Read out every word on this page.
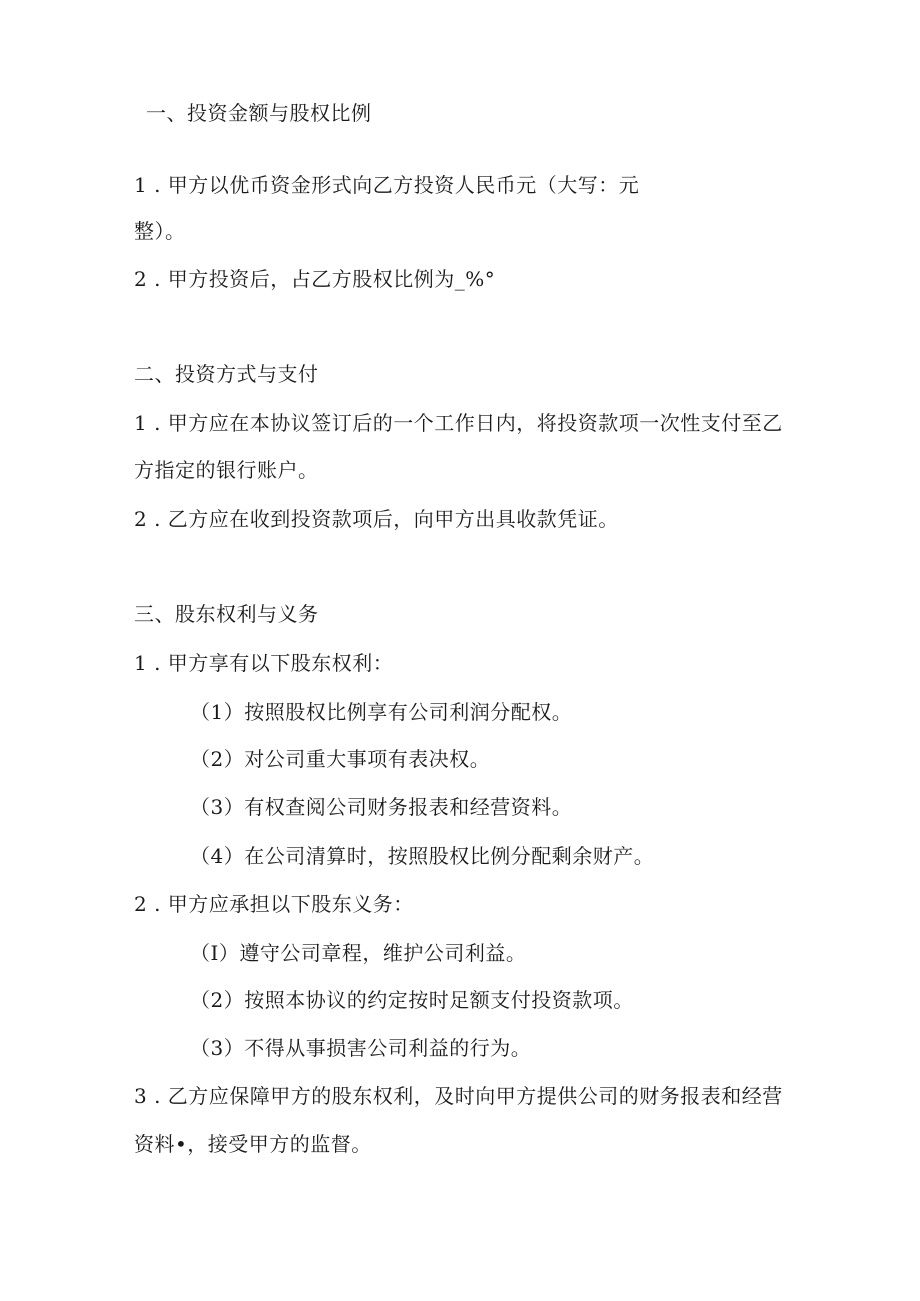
一、投资金额与股权比例
1 . 甲方以优币资金形式向乙方投资人民币元（大写：元
整）。
2 . 甲方投资后，占乙方股权比例为_%°
二、投资方式与支付
1 . 甲方应在本协议签订后的一个工作日内，将投资款项一次性支付至乙
方指定的银行账户。
2 . 乙方应在收到投资款项后，向甲方出具收款凭证。
三、股东权利与义务
1 . 甲方享有以下股东权利：
（1）按照股权比例享有公司利润分配权。
（2）对公司重大事项有表决权。
（3）有权查阅公司财务报表和经营资料。
（4）在公司清算时，按照股权比例分配剩余财产。
2 . 甲方应承担以下股东义务：
（I）遵守公司章程，维护公司利益。
（2）按照本协议的约定按时足额支付投资款项。
（3）不得从事损害公司利益的行为。
3 . 乙方应保障甲方的股东权利，及时向甲方提供公司的财务报表和经营
资料•，接受甲方的监督。
